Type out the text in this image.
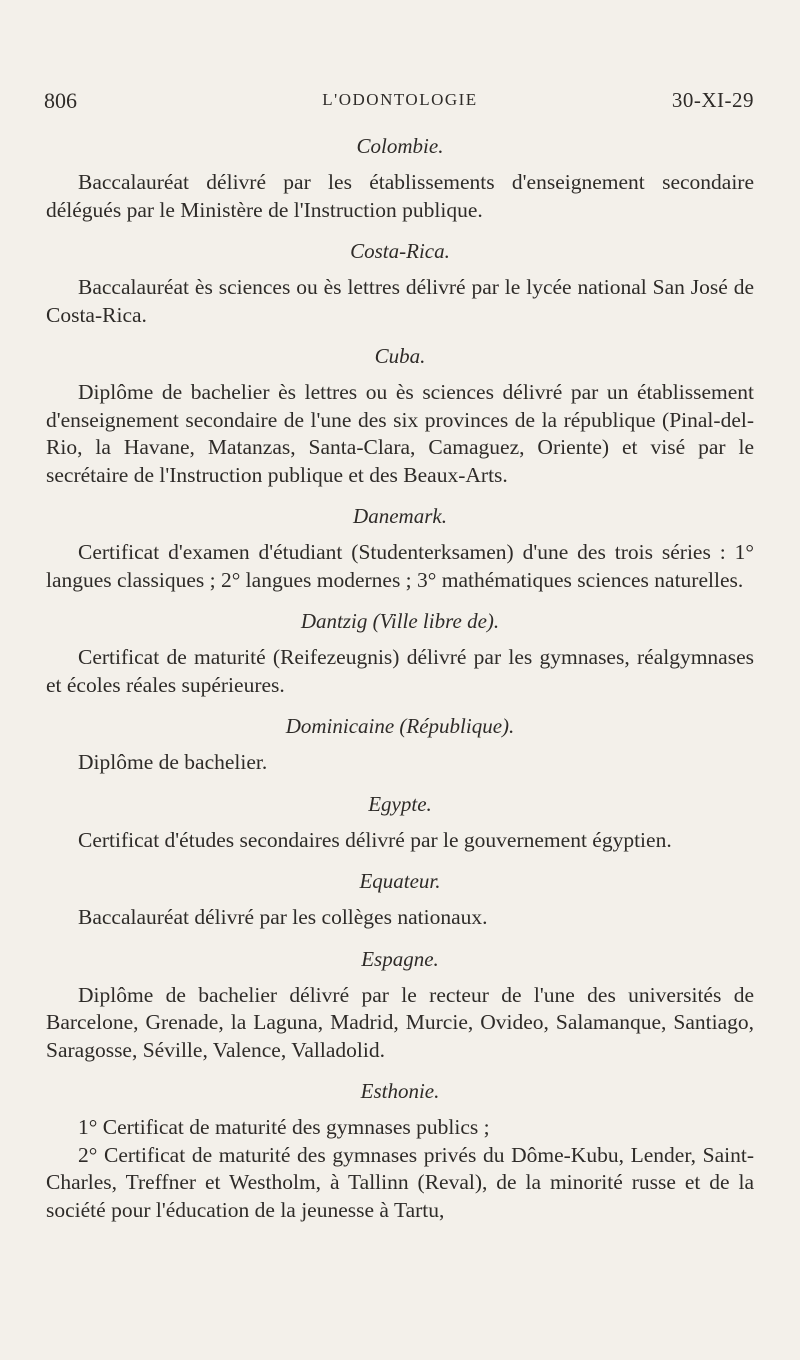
806	L'ODONTOLOGIE	30-XI-29
Colombie.

Baccalauréat délivré par les établissements d'enseignement secondaire délégués par le Ministère de l'Instruction publique.

Costa-Rica.

Baccalauréat ès sciences ou ès lettres délivré par le lycée national San José de Costa-Rica.

Cuba.

Diplôme de bachelier ès lettres ou ès sciences délivré par un établissement d'enseignement secondaire de l'une des six provinces de la république (Pinal-del-Rio, la Havane, Matanzas, Santa-Clara, Camaguez, Oriente) et visé par le secrétaire de l'Instruction publique et des Beaux-Arts.

Danemark.

Certificat d'examen d'étudiant (Studenterksamen) d'une des trois séries : 1° langues classiques ; 2° langues modernes ; 3° mathématiques sciences naturelles.

Dantzig (Ville libre de).

Certificat de maturité (Reifezeugnis) délivré par les gymnases, réalgymnases et écoles réales supérieures.

Dominicaine (République).

Diplôme de bachelier.

Egypte.

Certificat d'études secondaires délivré par le gouvernement égyptien.

Equateur.

Baccalauréat délivré par les collèges nationaux.

Espagne.

Diplôme de bachelier délivré par le recteur de l'une des universités de Barcelone, Grenade, la Laguna, Madrid, Murcie, Ovideo, Salamanque, Santiago, Saragosse, Séville, Valence, Valladolid.

Esthonie.

1° Certificat de maturité des gymnases publics ;

2° Certificat de maturité des gymnases privés du Dôme-Kubu, Lender, Saint-Charles, Treffner et Westholm, à Tallinn (Reval), de la minorité russe et de la société pour l'éducation de la jeunesse à Tartu,
